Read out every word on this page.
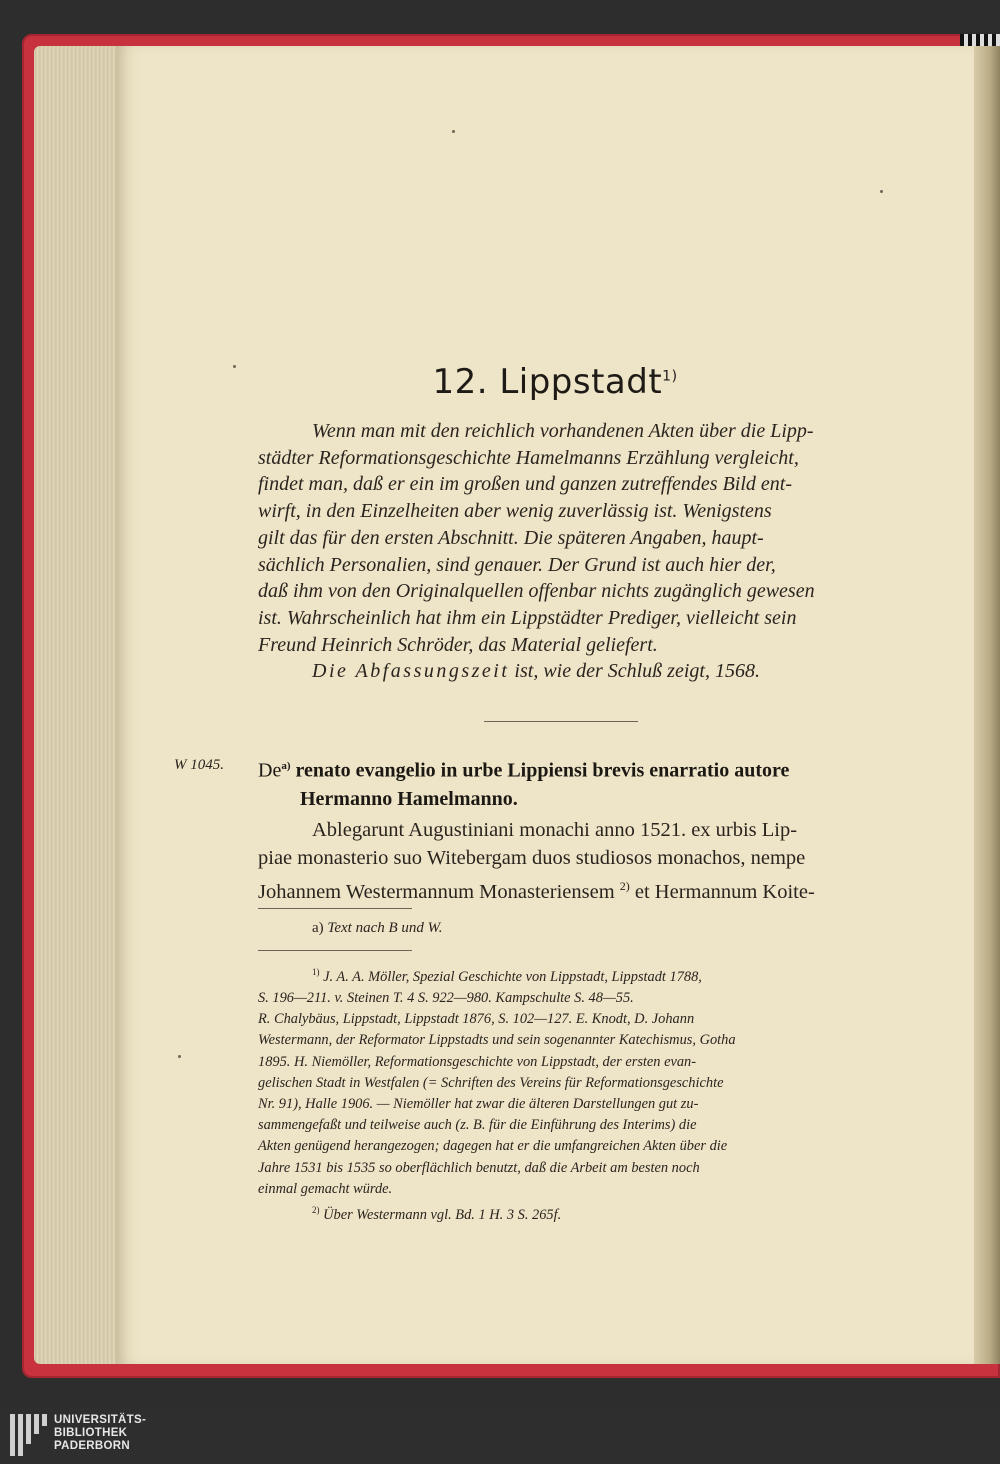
12. Lippstadt$^{1)}$
Wenn man mit den reichlich vorhandenen Akten über die Lipp-
städter Reformationsgeschichte Hamelmanns Erzählung vergleicht,
findet man, daß er ein im großen und ganzen zutreffendes Bild ent-
wirft, in den Einzelheiten aber wenig zuverlässig ist. Wenigstens
gilt das für den ersten Abschnitt. Die späteren Angaben, haupt-
sächlich Personalien, sind genauer. Der Grund ist auch hier der,
daß ihm von den Originalquellen offenbar nichts zugänglich gewesen
ist. Wahrscheinlich hat ihm ein Lippstädter Prediger, vielleicht sein
Freund Heinrich Schröder, das Material geliefert.
Die Abfassungszeit ist, wie der Schluß zeigt, 1568.
W 1045. De$^{a)}$ renato evangelio in urbe Lippiensi brevis enarratio autore
Hermanno Hamelmanno.
Ablegarunt Augustiniani monachi anno 1521. ex urbis Lip-
piae monasterio suo Witebergam duos studiosos monachos, nempe
Johannem Westermannum Monasteriensem $^{2)}$ et Hermannum Koite-
a) Text nach B und W.
$^{1)}$ J. A. A. Möller, Spezial Geschichte von Lippstadt, Lippstadt 1788,
S. 196—211. v. Steinen T. 4 S. 922—980. Kampschulte S. 48—55.
R. Chalybäus, Lippstadt, Lippstadt 1876, S. 102—127. E. Knodt, D. Johann
Westermann, der Reformator Lippstadts und sein sogenannter Katechismus, Gotha
1895. H. Niemöller, Reformationsgeschichte von Lippstadt, der ersten evan-
gelischen Stadt in Westfalen (= Schriften des Vereins für Reformationsgeschichte
Nr. 91), Halle 1906. — Niemöller hat zwar die älteren Darstellungen gut zu-
sammengefaßt und teilweise auch (z. B. für die Einführung des Interims) die
Akten genügend herangezogen; dagegen hat er die umfangreichen Akten über die
Jahre 1531 bis 1535 so oberflächlich benutzt, daß die Arbeit am besten noch
einmal gemacht würde.
$^{2)}$ Über Westermann vgl. Bd. 1 H. 3 S. 265f.
UNIVERSITÄTS-
BIBLIOTHEK
PADERBORN
